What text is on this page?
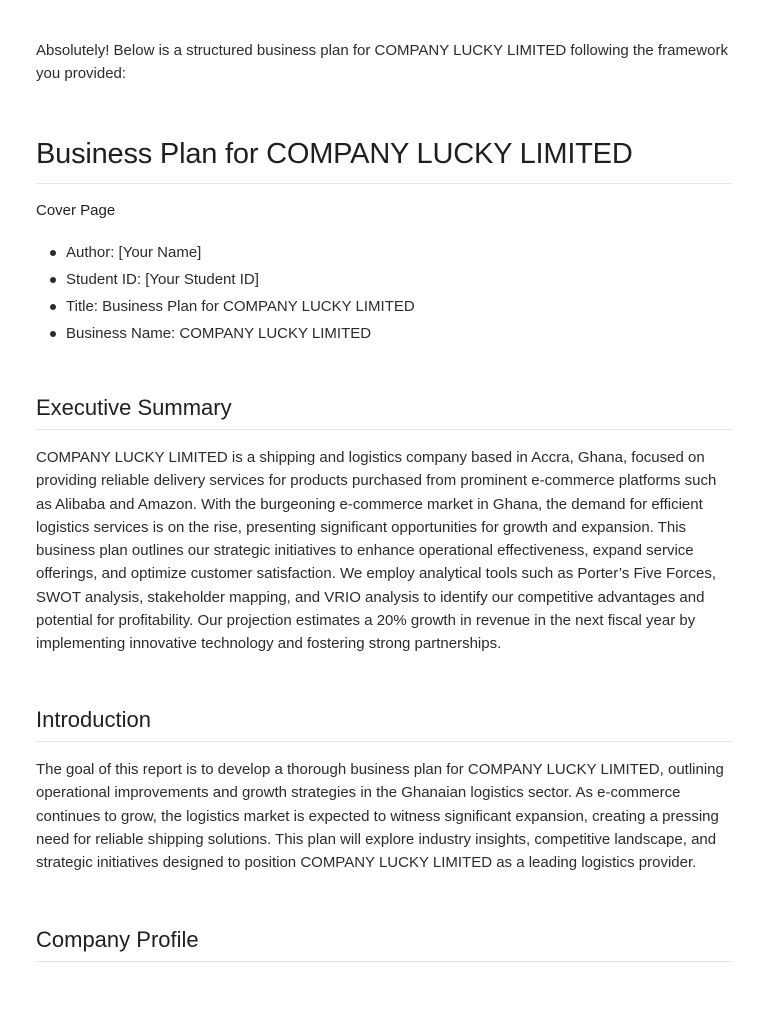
Absolutely! Below is a structured business plan for COMPANY LUCKY LIMITED following the framework you provided:

Business Plan for COMPANY LUCKY LIMITED

Cover Page

Author: [Your Name]
Student ID: [Your Student ID]
Title: Business Plan for COMPANY LUCKY LIMITED
Business Name: COMPANY LUCKY LIMITED
Executive Summary

COMPANY LUCKY LIMITED is a shipping and logistics company based in Accra, Ghana, focused on providing reliable delivery services for products purchased from prominent e-commerce platforms such as Alibaba and Amazon. With the burgeoning e-commerce market in Ghana, the demand for efficient logistics services is on the rise, presenting significant opportunities for growth and expansion. This business plan outlines our strategic initiatives to enhance operational effectiveness, expand service offerings, and optimize customer satisfaction. We employ analytical tools such as Porter’s Five Forces, SWOT analysis, stakeholder mapping, and VRIO analysis to identify our competitive advantages and potential for profitability. Our projection estimates a 20% growth in revenue in the next fiscal year by implementing innovative technology and fostering strong partnerships.

Introduction

The goal of this report is to develop a thorough business plan for COMPANY LUCKY LIMITED, outlining operational improvements and growth strategies in the Ghanaian logistics sector. As e-commerce continues to grow, the logistics market is expected to witness significant expansion, creating a pressing need for reliable shipping solutions. This plan will explore industry insights, competitive landscape, and strategic initiatives designed to position COMPANY LUCKY LIMITED as a leading logistics provider.

Company Profile
